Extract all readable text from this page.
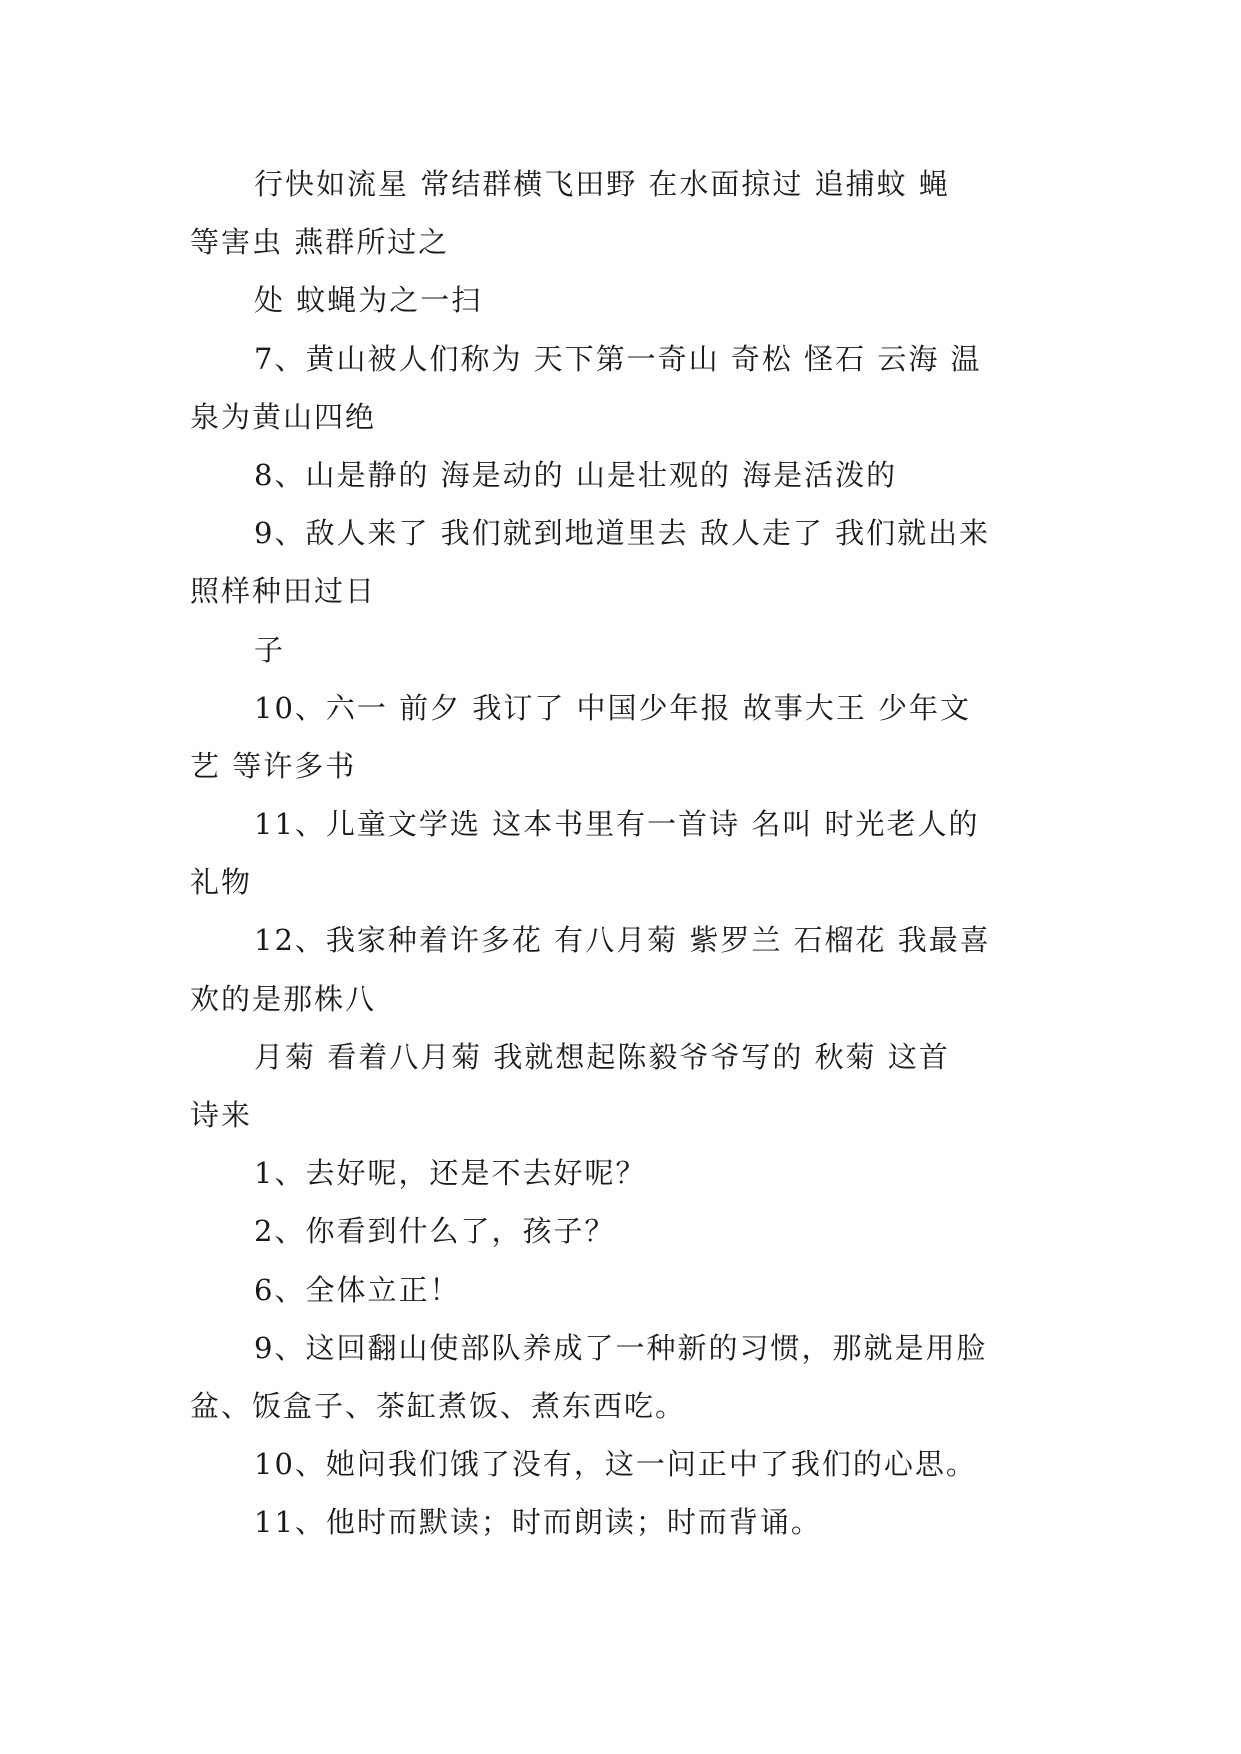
行快如流星 常结群横飞田野 在水面掠过 追捕蚊 蝇
等害虫 燕群所过之
处 蚊蝇为之一扫
7、黄山被人们称为 天下第一奇山 奇松 怪石 云海 温
泉为黄山四绝
8、山是静的 海是动的 山是壮观的 海是活泼的
9、敌人来了 我们就到地道里去 敌人走了 我们就出来
照样种田过日
子
10、六一 前夕 我订了 中国少年报 故事大王 少年文
艺 等许多书
11、儿童文学选 这本书里有一首诗 名叫 时光老人的
礼物
12、我家种着许多花 有八月菊 紫罗兰 石榴花 我最喜
欢的是那株八
月菊 看着八月菊 我就想起陈毅爷爷写的 秋菊 这首
诗来
1、去好呢，还是不去好呢？
2、你看到什么了，孩子？
6、全体立正！
9、这回翻山使部队养成了一种新的习惯，那就是用脸
盆、饭盒子、茶缸煮饭、煮东西吃。
10、她问我们饿了没有，这一问正中了我们的心思。
11、他时而默读；时而朗读；时而背诵。
